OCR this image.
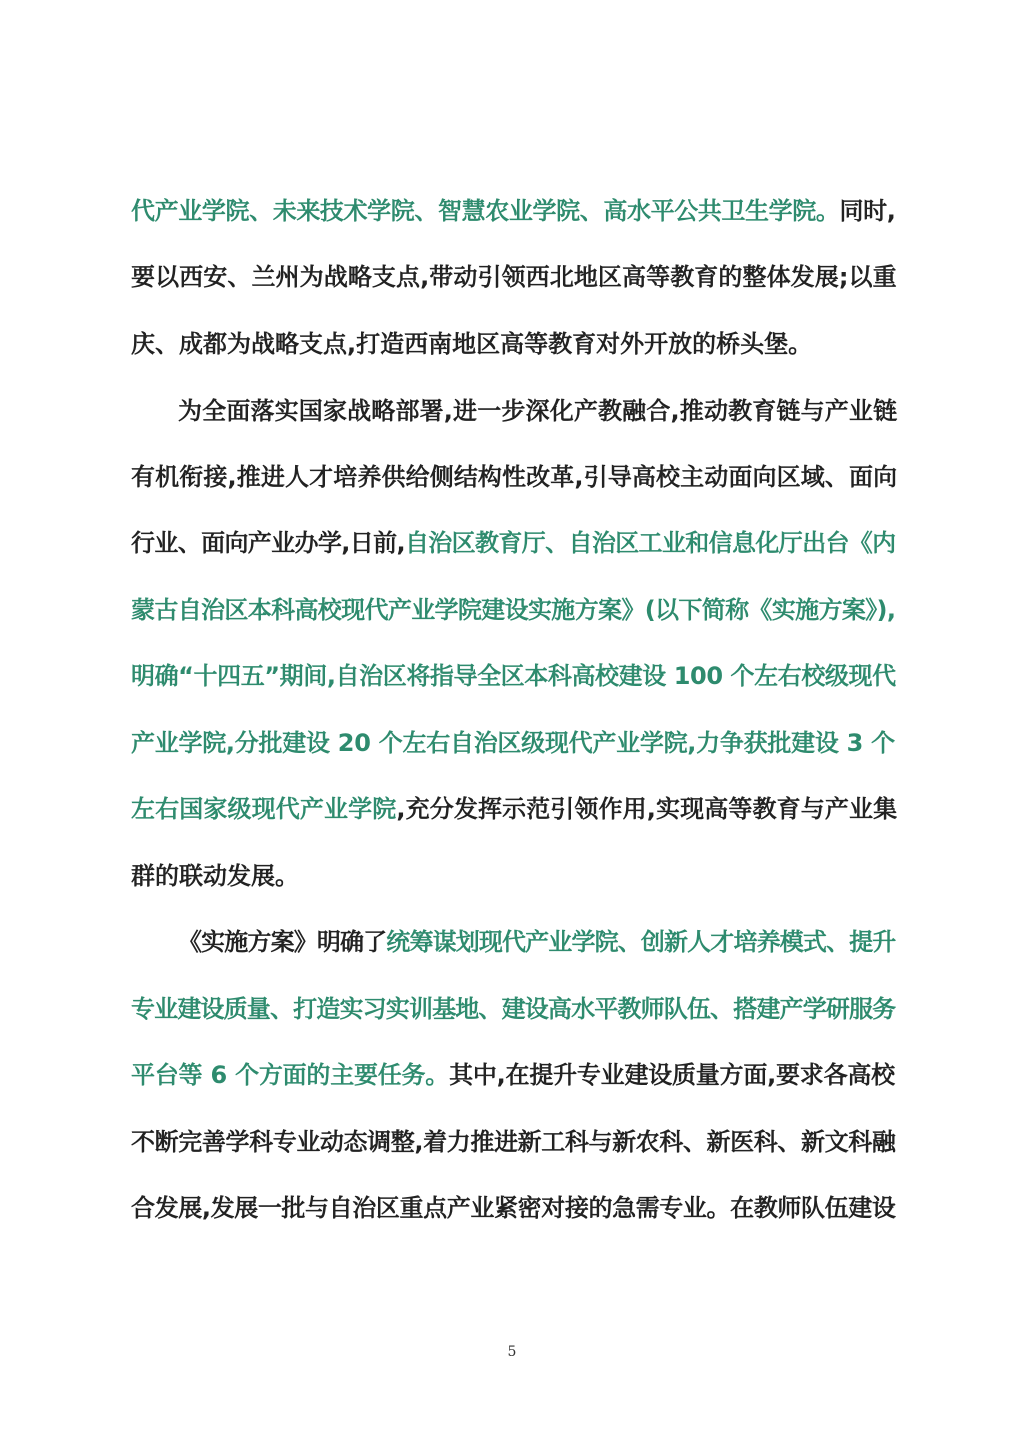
代产业学院、未来技术学院、智慧农业学院、高水平公共卫生学院。同时,
要以西安、兰州为战略支点,带动引领西北地区高等教育的整体发展;以重
庆、成都为战略支点,打造西南地区高等教育对外开放的桥头堡。
为全面落实国家战略部署,进一步深化产教融合,推动教育链与产业链
有机衔接,推进人才培养供给侧结构性改革,引导高校主动面向区域、面向
行业、面向产业办学,日前,自治区教育厅、自治区工业和信息化厅出台《内
蒙古自治区本科高校现代产业学院建设实施方案》(以下简称《实施方案》),
明确“十四五”期间,自治区将指导全区本科高校建设 100 个左右校级现代
产业学院,分批建设 20 个左右自治区级现代产业学院,力争获批建设 3 个
左右国家级现代产业学院,充分发挥示范引领作用,实现高等教育与产业集
群的联动发展。
《实施方案》明确了统筹谋划现代产业学院、创新人才培养模式、提升
专业建设质量、打造实习实训基地、建设高水平教师队伍、搭建产学研服务
平台等 6 个方面的主要任务。其中,在提升专业建设质量方面,要求各高校
不断完善学科专业动态调整,着力推进新工科与新农科、新医科、新文科融
合发展,发展一批与自治区重点产业紧密对接的急需专业。在教师队伍建设
5
